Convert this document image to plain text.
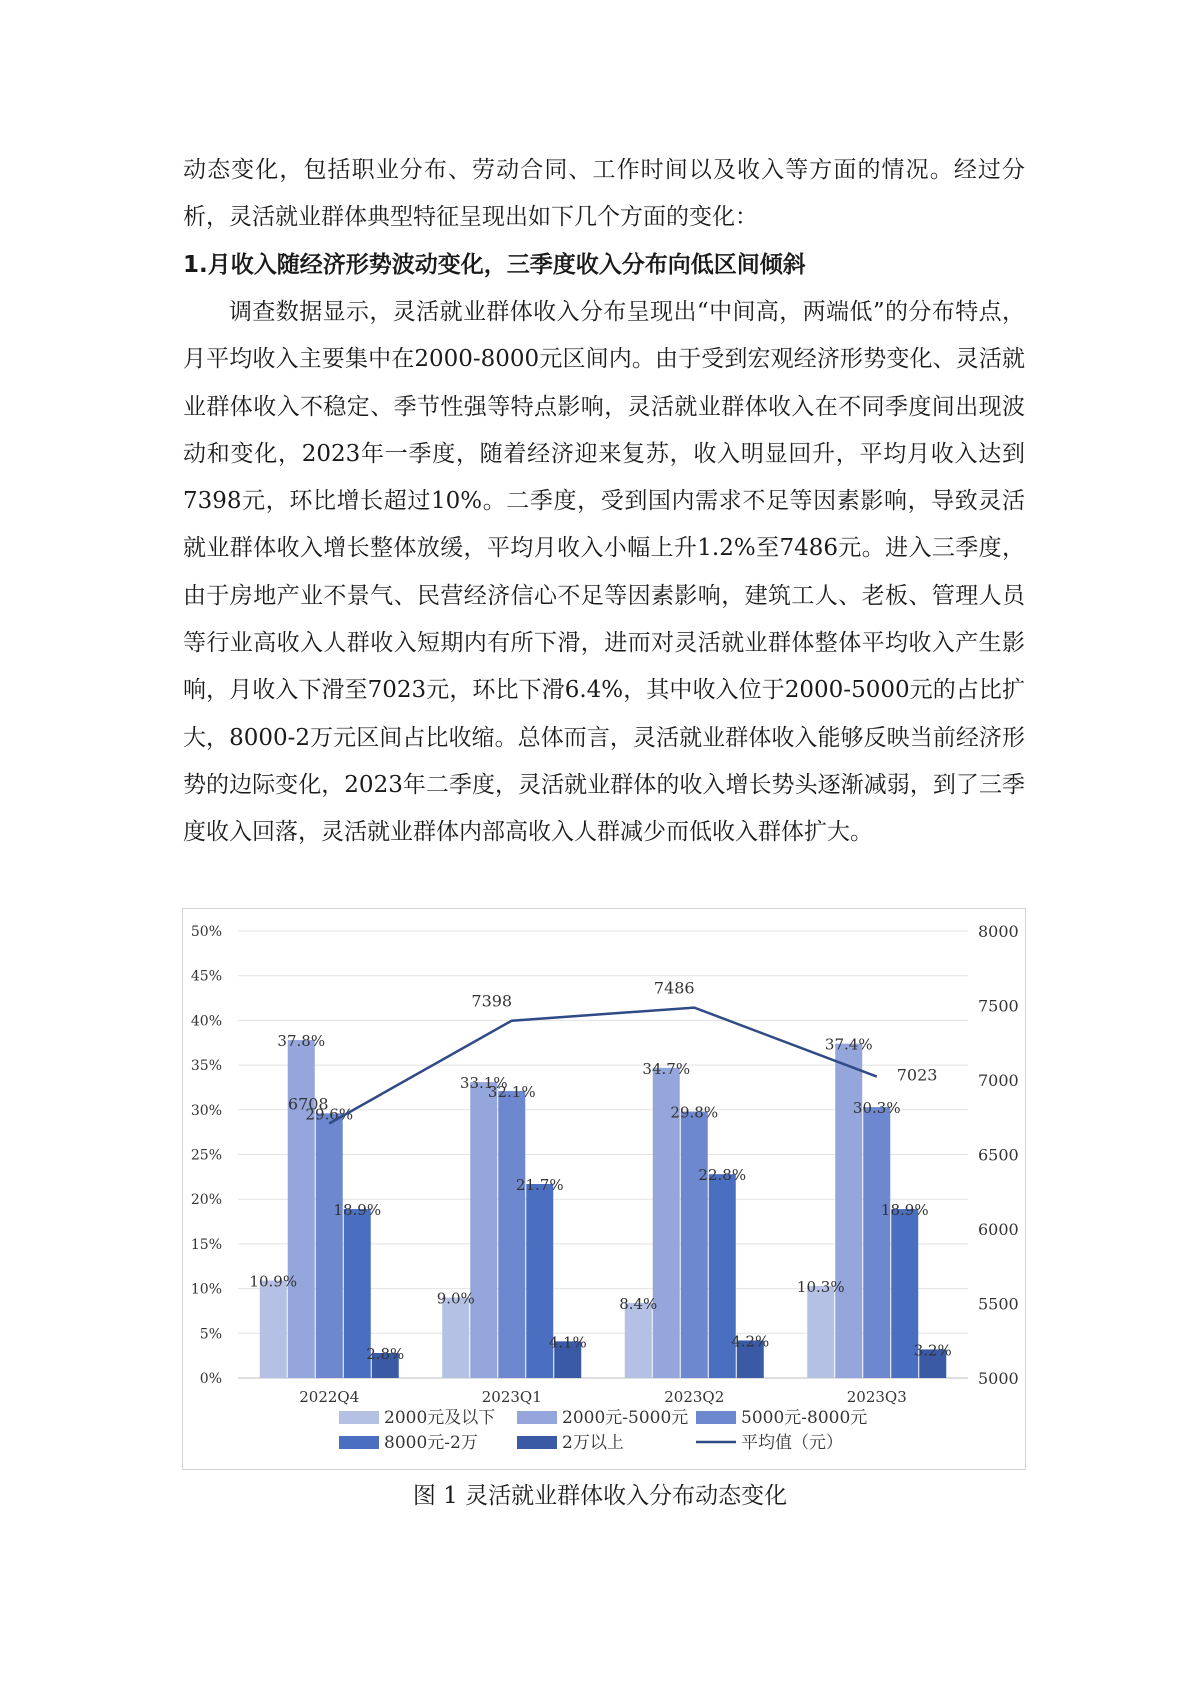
动态变化，包括职业分布、劳动合同、工作时间以及收入等方面的情况。经过分析，灵活就业群体典型特征呈现出如下几个方面的变化：

1.月收入随经济形势波动变化，三季度收入分布向低区间倾斜

调查数据显示，灵活就业群体收入分布呈现出“中间高，两端低”的分布特点，月平均收入主要集中在2000-8000元区间内。由于受到宏观经济形势变化、灵活就业群体收入不稳定、季节性强等特点影响，灵活就业群体收入在不同季度间出现波动和变化，2023年一季度，随着经济迎来复苏，收入明显回升，平均月收入达到7398元，环比增长超过10%。二季度，受到国内需求不足等因素影响，导致灵活就业群体收入增长整体放缓，平均月收入小幅上升1.2%至7486元。进入三季度，由于房地产业不景气、民营经济信心不足等因素影响，建筑工人、老板、管理人员等行业高收入人群收入短期内有所下滑，进而对灵活就业群体整体平均收入产生影响，月收入下滑至7023元，环比下滑6.4%，其中收入位于2000-5000元的占比扩大，8000-2万元区间占比收缩。总体而言，灵活就业群体收入能够反映当前经济形势的边际变化，2023年二季度，灵活就业群体的收入增长势头逐渐减弱，到了三季度收入回落，灵活就业群体内部高收入人群减少而低收入群体扩大。

0%
5%
10%
15%
20%
25%
30%
35%
40%
45%
50%
5000
5500
6000
6500
7000
7500
8000
2022Q4	2023Q1	2023Q2	2023Q3
10.9%
37.8%
29.6%
18.9%
2.8%
9.0%
33.1%
32.1%
21.7%
4.1%
8.4%
34.7%
29.8%
22.8%
4.2%
10.3%
37.4%
30.3%
18.9%
3.2%
6708
7398
7486
7023
2000元及以下	2000元-5000元	5000元-8000元
8000元-2万	2万以上	平均值（元）

图 1 灵活就业群体收入分布动态变化
